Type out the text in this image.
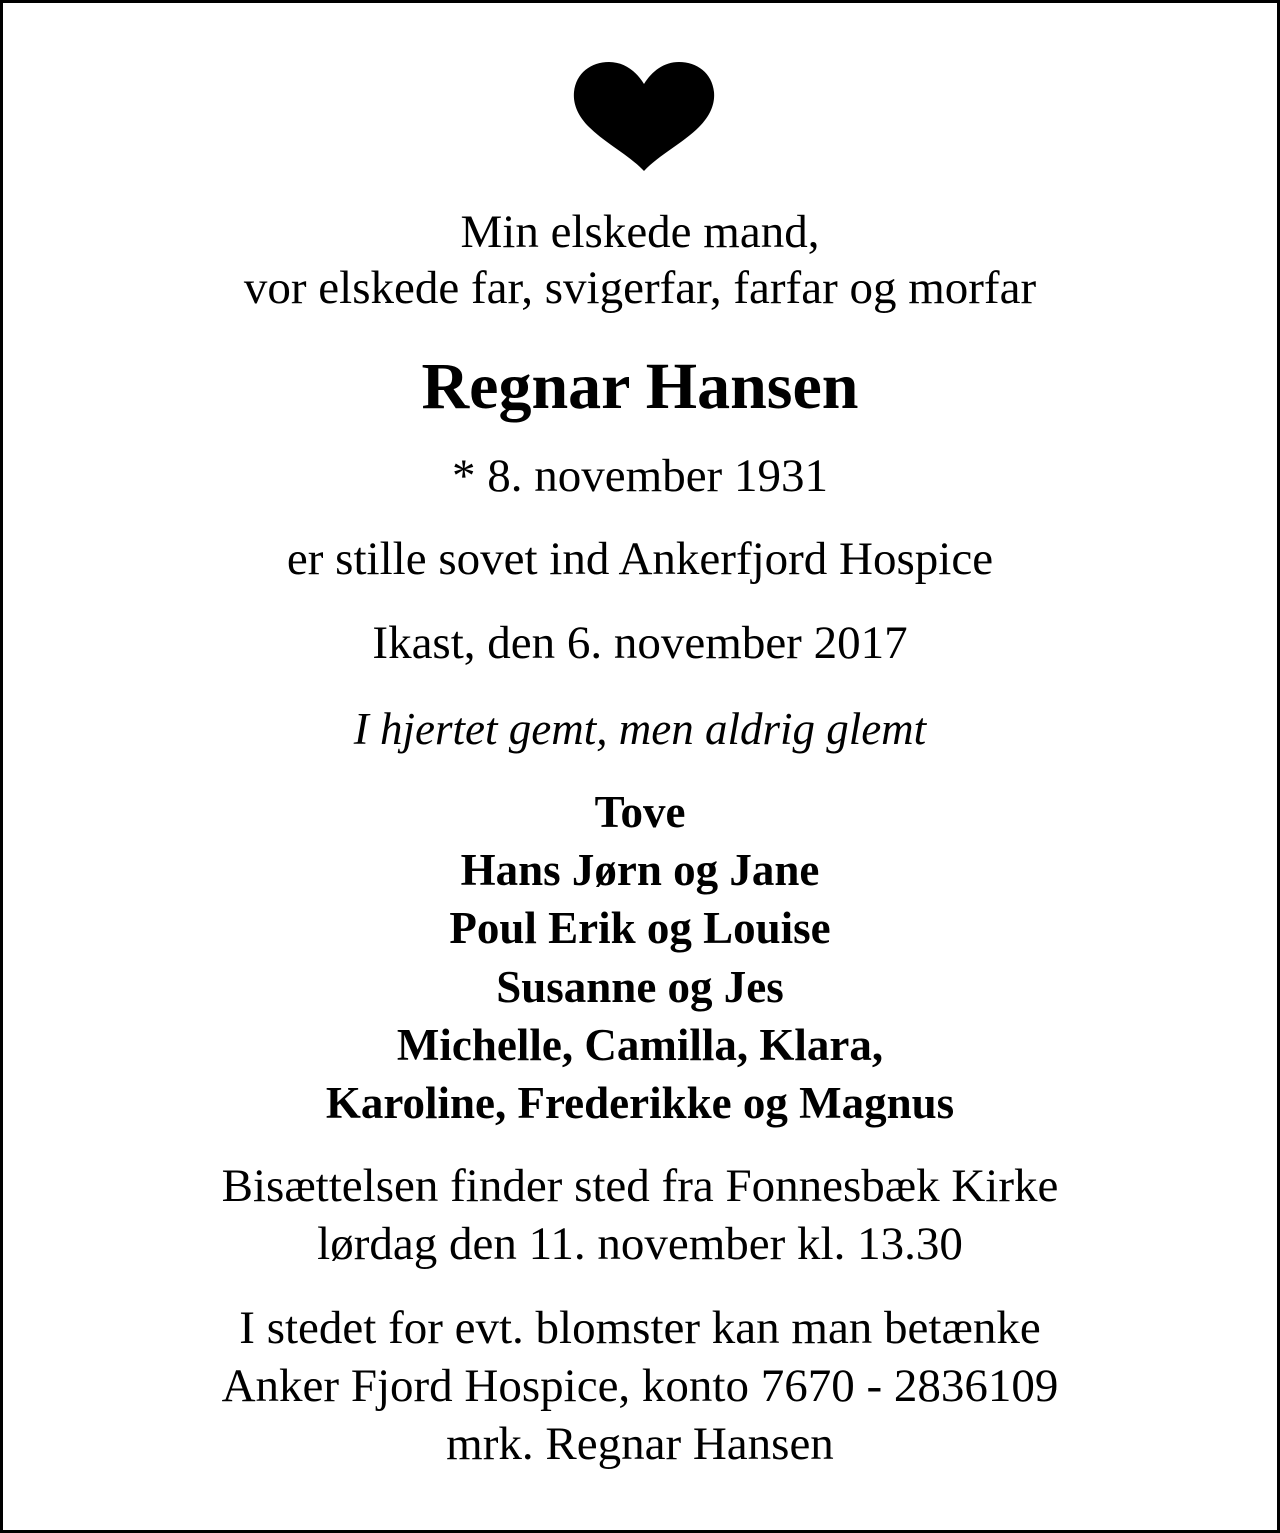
Min elskede mand,
vor elskede far, svigerfar, farfar og morfar
Regnar Hansen
* 8. november 1931
er stille sovet ind Ankerfjord Hospice
Ikast, den 6. november 2017
I hjertet gemt, men aldrig glemt
Tove
Hans Jørn og Jane
Poul Erik og Louise
Susanne og Jes
Michelle, Camilla, Klara,
Karoline, Frederikke og Magnus
Bisættelsen finder sted fra Fonnesbæk Kirke
lørdag den 11. november kl. 13.30
I stedet for evt. blomster kan man betænke
Anker Fjord Hospice, konto 7670 - 2836109
mrk. Regnar Hansen
